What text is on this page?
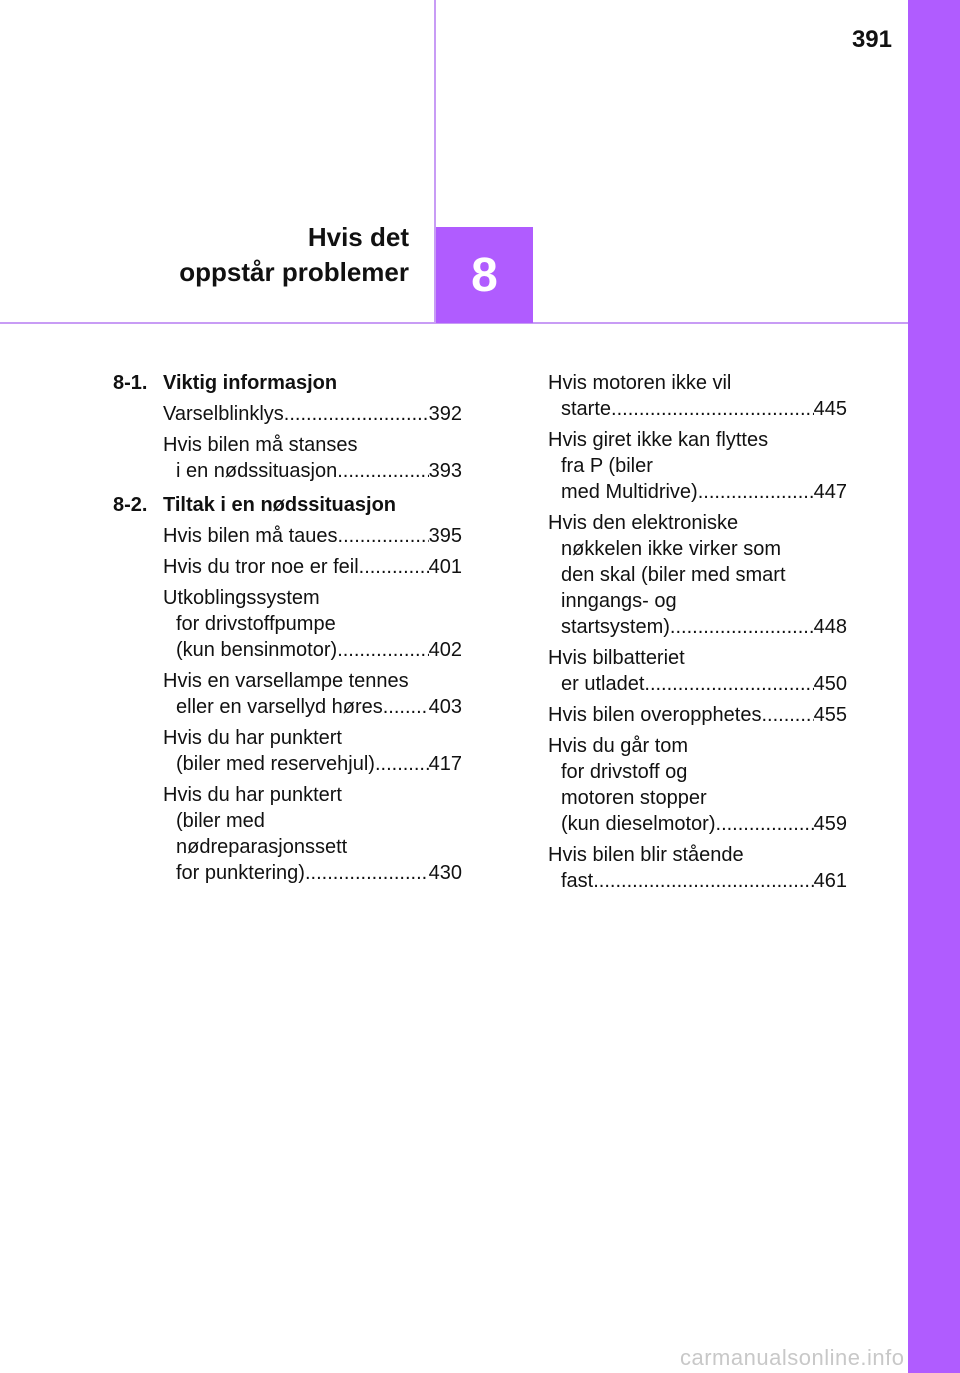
391
Hvis det
oppstår problemer	8
8-1. Viktig informasjon
Varselblinklys .....	392
Hvis bilen må stanses
i en nødssituasjon .....	393
8-2. Tiltak i en nødssituasjon
Hvis bilen må taues .....	395
Hvis du tror noe er feil .....	401
Utkoblingssystem
for drivstoffpumpe
(kun bensinmotor) .....	402
Hvis en varsellampe tennes
eller en varsellyd høres ..... 403
Hvis du har punktert
(biler med reservehjul) .....	417
Hvis du har punktert
(biler med
nødreparasjonssett
for punktering) .....	430
Hvis motoren ikke vil
starte .....	445
Hvis giret ikke kan flyttes
fra P (biler
med Multidrive) .....	447
Hvis den elektroniske
nøkkelen ikke virker som
den skal (biler med smart
inngangs- og
startsystem) .....	448
Hvis bilbatteriet
er utladet .....	450
Hvis bilen overopphetes .....	455
Hvis du går tom
for drivstoff og
motoren stopper
(kun dieselmotor) .....	459
Hvis bilen blir stående
fast .....	461
carmanualsonline.info
